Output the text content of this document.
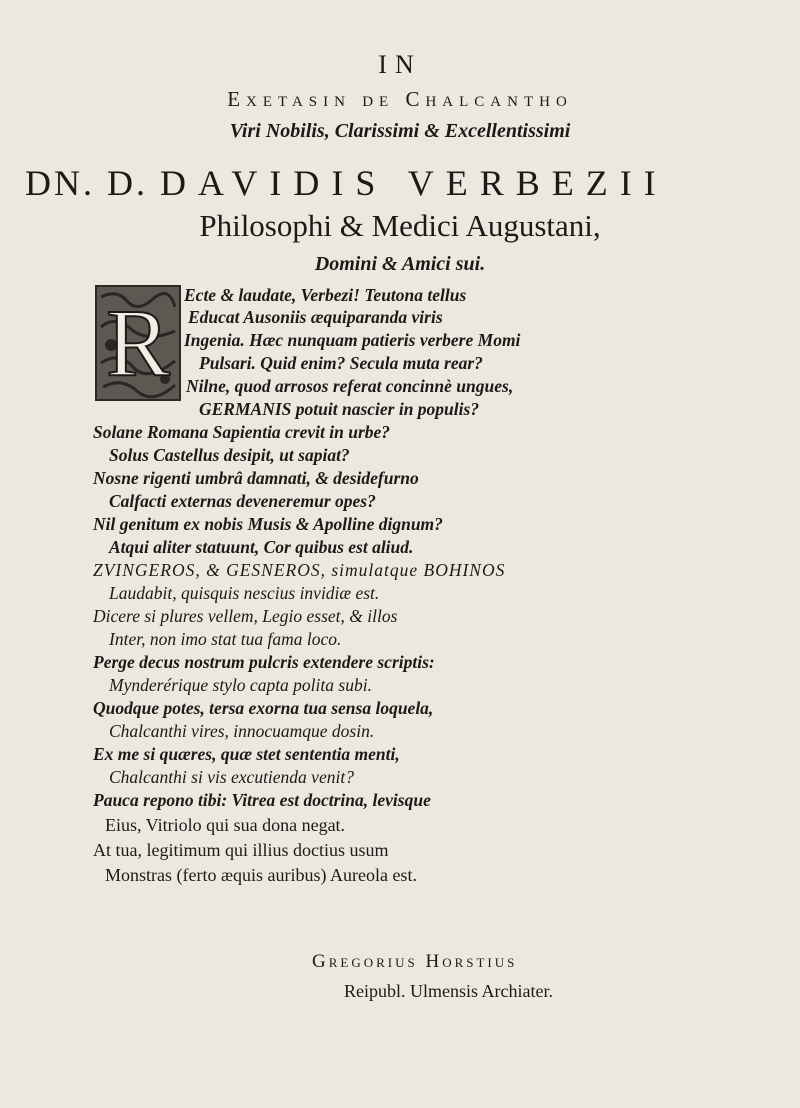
IN
Exetasin de Chalcantho
Viri Nobilis, Clarissimi & Excellentissimi
DN. D. DAVIDIS VERBEZII
Philosophi & Medici Augustani,
Domini & Amici sui.
R Ecte & laudate, Verbezi! Teutona tellus
Educat Ausoniis æquiparanda viris
Ingenia. Hæc nunquam patieris verbere Momi
Pulsari. Quid enim? Secula muta rear?
Nilne, quod arrosos referat concinnè ungues,
GERMANIS potuit nascier in populis?
Solane Romana Sapientia crevit in urbe?
Solus Castellus desipit, ut sapiat?
Nosne rigenti umbrâ damnati, & desidefurno
Calfacti externas deveneremur opes?
Nil genitum ex nobis Musis & Apolline dignum?
Atqui aliter statuunt, Cor quibus est aliud.
ZVINGEROS, & GESNEROS, simulatque BOHINOS
Laudabit, quisquis nescius invidiæ est.
Dicere si plures vellem, Legio esset, & illos
Inter, non imo stat tua fama loco.
Perge decus nostrum pulcris extendere scriptis:
Mynderérique stylo capta polita subi.
Quodque potes, tersa exorna tua sensa loquela,
Chalcanthi vires, innocuamque dosin.
Ex me si quæres, quæ stet sententia menti,
Chalcanthi si vis excutienda venit?
Pauca repono tibi: Vitrea est doctrina, levisque
Eius, Vitriolo qui sua dona negat.
At tua, legitimum qui illius doctius usum
Monstras (ferto æquis auribus) Aureola est.
Gregorius Horstius
Reipubl. Ulmensis Archiater.
